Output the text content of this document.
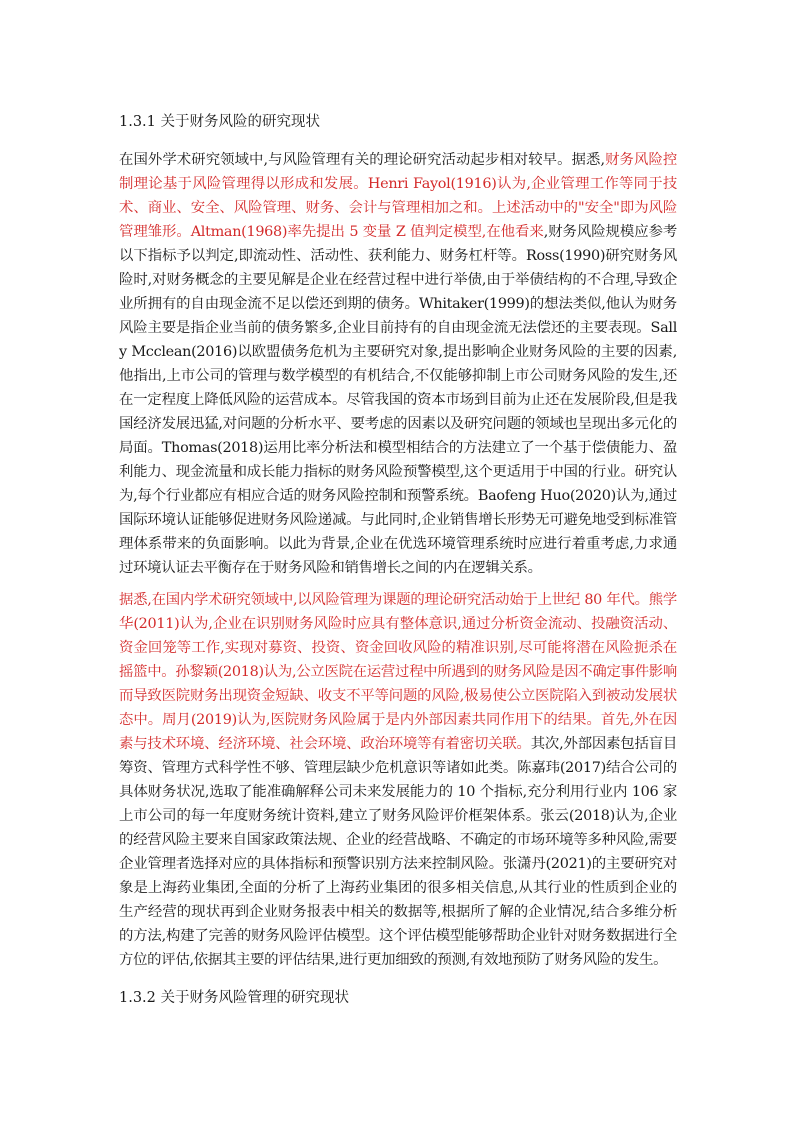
1.3.1 关于财务风险的研究现状

在国外学术研究领域中,与风险管理有关的理论研究活动起步相对较早。据悉,财务风险控制理论基于风险管理得以形成和发展。Henri Fayol(1916)认为,企业管理工作等同于技术、商业、安全、风险管理、财务、会计与管理相加之和。上述活动中的"安全"即为风险管理雏形。Altman(1968)率先提出 5 变量 Z 值判定模型,在他看来,财务风险规模应参考以下指标予以判定,即流动性、活动性、获利能力、财务杠杆等。Ross(1990)研究财务风险时,对财务概念的主要见解是企业在经营过程中进行举债,由于举债结构的不合理,导致企业所拥有的自由现金流不足以偿还到期的债务。Whitaker(1999)的想法类似,他认为财务风险主要是指企业当前的债务繁多,企业目前持有的自由现金流无法偿还的主要表现。Sally Mcclean(2016)以欧盟债务危机为主要研究对象,提出影响企业财务风险的主要的因素,他指出,上市公司的管理与数学模型的有机结合,不仅能够抑制上市公司财务风险的发生,还在一定程度上降低风险的运营成本。尽管我国的资本市场到目前为止还在发展阶段,但是我国经济发展迅猛,对问题的分析水平、要考虑的因素以及研究问题的领域也呈现出多元化的局面。Thomas(2018)运用比率分析法和模型相结合的方法建立了一个基于偿债能力、盈利能力、现金流量和成长能力指标的财务风险预警模型,这个更适用于中国的行业。研究认为,每个行业都应有相应合适的财务风险控制和预警系统。Baofeng Huo(2020)认为,通过国际环境认证能够促进财务风险递减。与此同时,企业销售增长形势无可避免地受到标准管理体系带来的负面影响。以此为背景,企业在优选环境管理系统时应进行着重考虑,力求通过环境认证去平衡存在于财务风险和销售增长之间的内在逻辑关系。

据悉,在国内学术研究领域中,以风险管理为课题的理论研究活动始于上世纪 80 年代。熊学华(2011)认为,企业在识别财务风险时应具有整体意识,通过分析资金流动、投融资活动、资金回笼等工作,实现对募资、投资、资金回收风险的精准识别,尽可能将潜在风险扼杀在摇篮中。孙黎颖(2018)认为,公立医院在运营过程中所遇到的财务风险是因不确定事件影响而导致医院财务出现资金短缺、收支不平等问题的风险,极易使公立医院陷入到被动发展状态中。周月(2019)认为,医院财务风险属于是内外部因素共同作用下的结果。首先,外在因素与技术环境、经济环境、社会环境、政治环境等有着密切关联。其次,外部因素包括盲目筹资、管理方式科学性不够、管理层缺少危机意识等诸如此类。陈嘉玮(2017)结合公司的具体财务状况,选取了能准确解释公司未来发展能力的 10 个指标,充分利用行业内 106 家上市公司的每一年度财务统计资料,建立了财务风险评价框架体系。张云(2018)认为,企业的经营风险主要来自国家政策法规、企业的经营战略、不确定的市场环境等多种风险,需要企业管理者选择对应的具体指标和预警识别方法来控制风险。张潇丹(2021)的主要研究对象是上海药业集团,全面的分析了上海药业集团的很多相关信息,从其行业的性质到企业的生产经营的现状再到企业财务报表中相关的数据等,根据所了解的企业情况,结合多维分析的方法,构建了完善的财务风险评估模型。这个评估模型能够帮助企业针对财务数据进行全方位的评估,依据其主要的评估结果,进行更加细致的预测,有效地预防了财务风险的发生。

1.3.2 关于财务风险管理的研究现状
